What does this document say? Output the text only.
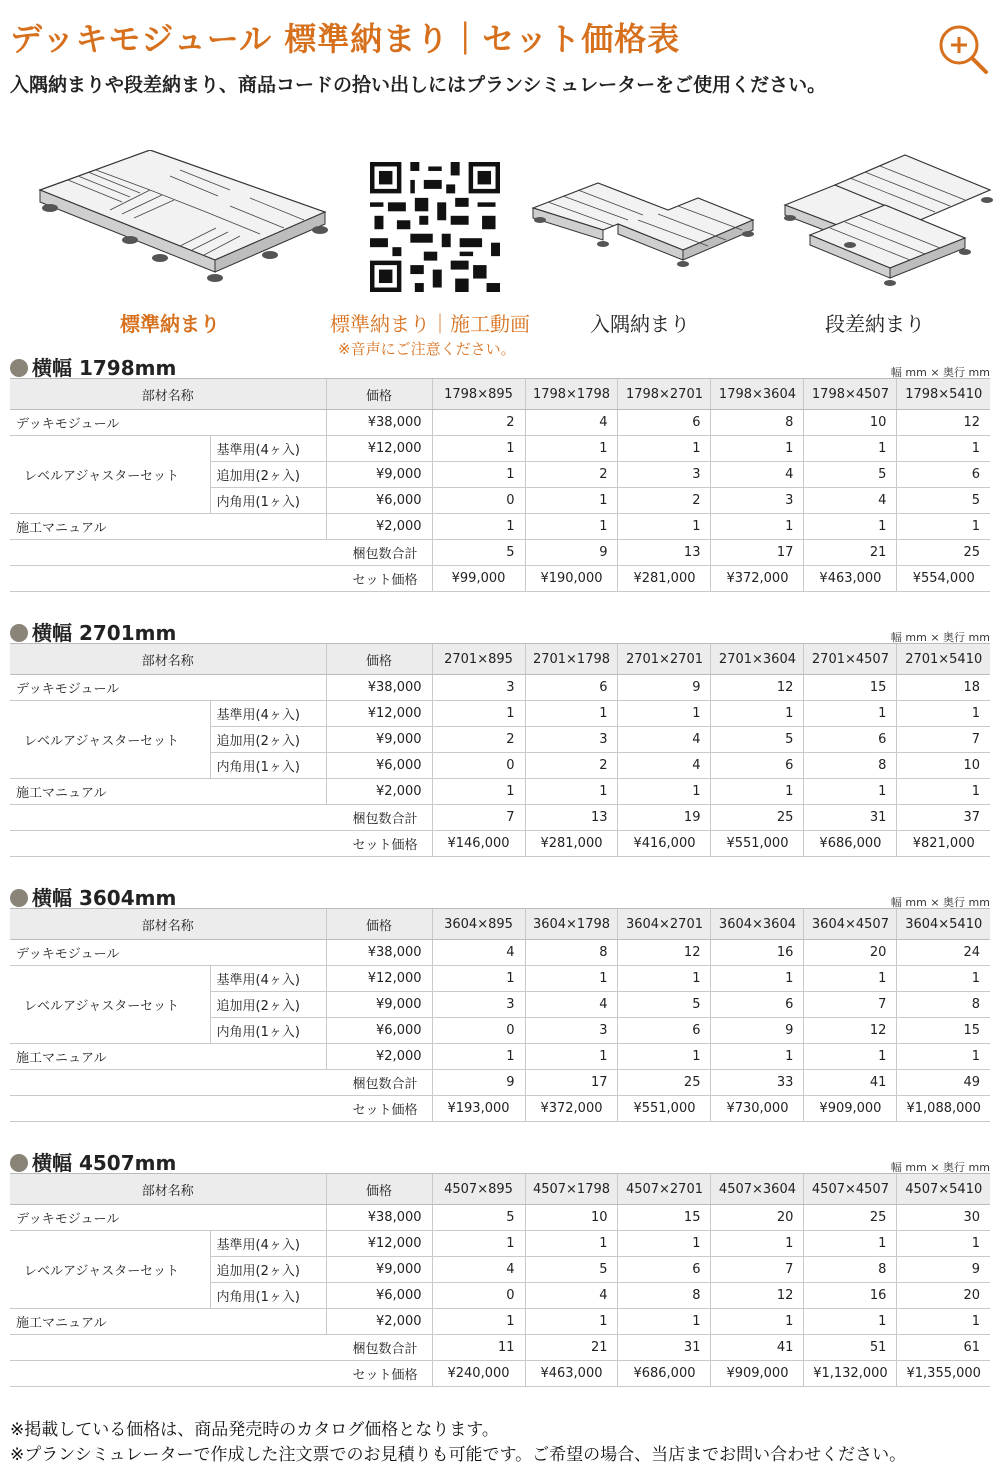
デッキモジュール 標準納まり｜セット価格表
入隅納まりや段差納まり、商品コードの拾い出しにはプランシミュレーターをご使用ください。
標準納まり	標準納まり｜施工動画
※音声にご注意ください。
入隅納まり	段差納まり
横幅 1798mm	幅 mm × 奥行 mm
部材名称		価格	1798×895	1798×1798	1798×2701	1798×3604	1798×4507	1798×5410
デッキモジュール		¥38,000	2	4	6	8	10	12
レベルアジャスターセット	基準用(4ヶ入)	¥12,000	1	1	1	1	1	1
	追加用(2ヶ入)	¥9,000	1	2	3	4	5	6
	内角用(1ヶ入)	¥6,000	0	1	2	3	4	5
施工マニュアル		¥2,000	1	1	1	1	1	1
		梱包数合計	5	9	13	17	21	25
		セット価格	¥99,000	¥190,000	¥281,000	¥372,000	¥463,000	¥554,000
横幅 2701mm	幅 mm × 奥行 mm
部材名称		価格	2701×895	2701×1798	2701×2701	2701×3604	2701×4507	2701×5410
デッキモジュール		¥38,000	3	6	9	12	15	18
レベルアジャスターセット	基準用(4ヶ入)	¥12,000	1	1	1	1	1	1
	追加用(2ヶ入)	¥9,000	2	3	4	5	6	7
	内角用(1ヶ入)	¥6,000	0	2	4	6	8	10
施工マニュアル		¥2,000	1	1	1	1	1	1
		梱包数合計	7	13	19	25	31	37
		セット価格	¥146,000	¥281,000	¥416,000	¥551,000	¥686,000	¥821,000
横幅 3604mm	幅 mm × 奥行 mm
部材名称		価格	3604×895	3604×1798	3604×2701	3604×3604	3604×4507	3604×5410
デッキモジュール		¥38,000	4	8	12	16	20	24
レベルアジャスターセット	基準用(4ヶ入)	¥12,000	1	1	1	1	1	1
	追加用(2ヶ入)	¥9,000	3	4	5	6	7	8
	内角用(1ヶ入)	¥6,000	0	3	6	9	12	15
施工マニュアル		¥2,000	1	1	1	1	1	1
		梱包数合計	9	17	25	33	41	49
		セット価格	¥193,000	¥372,000	¥551,000	¥730,000	¥909,000	¥1,088,000
横幅 4507mm	幅 mm × 奥行 mm
部材名称		価格	4507×895	4507×1798	4507×2701	4507×3604	4507×4507	4507×5410
デッキモジュール		¥38,000	5	10	15	20	25	30
レベルアジャスターセット	基準用(4ヶ入)	¥12,000	1	1	1	1	1	1
	追加用(2ヶ入)	¥9,000	4	5	6	7	8	9
	内角用(1ヶ入)	¥6,000	0	4	8	12	16	20
施工マニュアル		¥2,000	1	1	1	1	1	1
		梱包数合計	11	21	31	41	51	61
		セット価格	¥240,000	¥463,000	¥686,000	¥909,000	¥1,132,000	¥1,355,000
※掲載している価格は、商品発売時のカタログ価格となります。
※プランシミュレーターで作成した注文票でのお見積りも可能です。ご希望の場合、当店までお問い合わせください。
